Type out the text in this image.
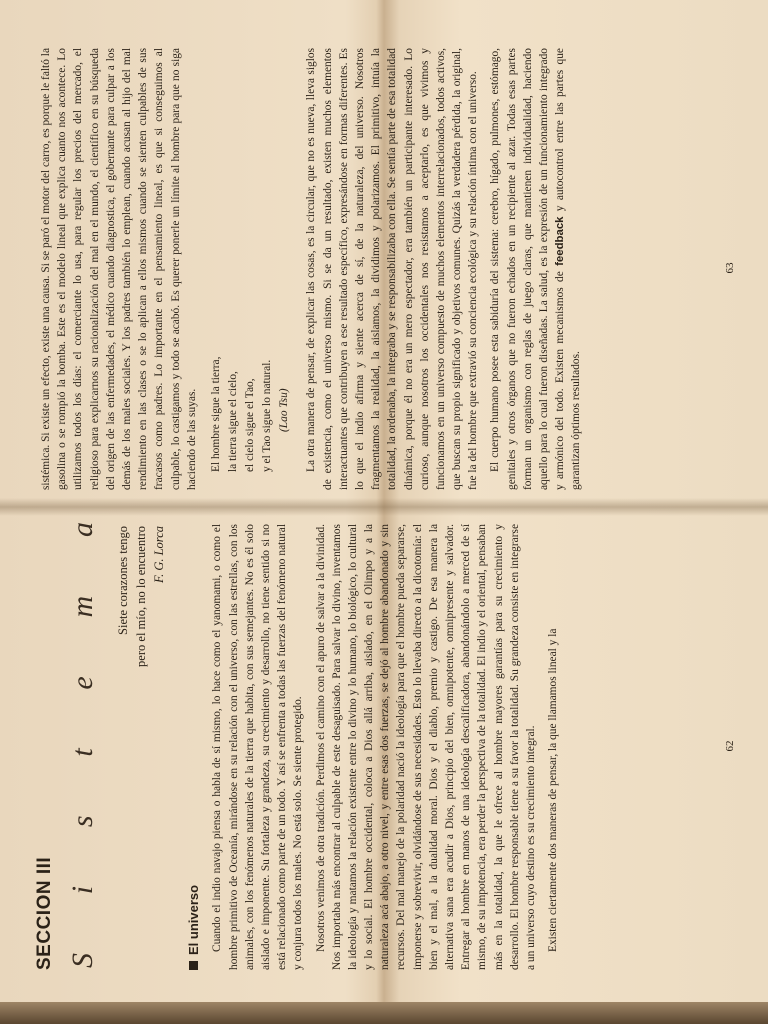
sistémica. Si existe un efecto, existe una causa. Si se paró el motor del carro, es porque le faltó la gasolina o se rompió la bomba. Este es el modelo lineal que explica cuanto nos acontece. Lo utilizamos todos los días: el comerciante lo usa, para regular los precios del mercado, el religioso para explicarnos su racionalización del mal en el mundo, el científico en su búsqueda del origen de las enfermedades, el médico cuando diagnostica, el gobernante para culpar a los demás de los males sociales. Y los padres también lo emplean, cuando acusan al hijo del mal rendimiento en las clases o se lo aplican a ellos mismos cuando se sienten culpables de sus fracasos como padres. Lo importante en el pensamiento lineal, es que si conseguimos al culpable, lo castigamos y todo se acabó. Es querer ponerle un límite al hombre para que no siga haciendo de las suyas. El hombre sigue la tierra, la tierra sigue el cielo, el cielo sigue el Tao, y el Tao sigue lo natural. (Lao Tsu) La otra manera de pensar, de explicar las cosas, es la circular, que no es nueva, lleva siglos de existencia, como el universo mismo. Si se da un resultado, existen muchos elementos interactuantes que contribuyen a ese resultado específico, expresándose en formas diferentes. Es lo que el indio afirma y siente acerca de sí, de la naturaleza, del universo. Nosotros fragmentamos la realidad, la aislamos, la dividimos y polarizamos. El primitivo, intuía la totalidad, la ordenaba, la integraba y se responsabilizaba con ella. Se sentía parte de esa totalidad dinámica, porque él no era un mero espectador, era también un participante interesado. Lo curioso, aunque nosotros los occidentales nos resistamos a aceptarlo, es que vivimos y funcionamos en un universo compuesto de muchos elementos interrelacionados, todos activos, que buscan su propio significado y objetivos comunes. Quizás la verdadera pérdida, la original, fue la del hombre que extravió su conciencia ecológica y su relación íntima con el universo. El cuerpo humano posee esta sabiduría del sistema: cerebro, hígado, pulmones, estómago, genitales y otros órganos que no fueron echados en un recipiente al azar. Todas esas partes forman un organismo con reglas de juego claras, que mantienen individualidad, haciendo aquello para lo cual fueron diseñadas. La salud, es la expresión de un funcionamiento integrado y armónico del todo. Existen mecanismos de feedback y autocontrol entre las partes que garantizan óptimos resultados.

63
SECCION III S
i
s
t
e
m
a Siete corazones tengo pero el mío, no lo encuentro F. G. Lorca
El universo Cuando el indio navajo piensa o habla de sí mismo, lo hace como el yanomami, o como el hombre primitivo de Oceanía, mirándose en su relación con el universo, con las estrellas, con los animales, con los fenómenos naturales de la tierra que habita, con sus semejantes. No es él solo aislado e imponente. Su fortaleza y grandeza, su crecimiento y desarrollo, no tiene sentido si no está relacionado como parte de un todo. Y así se enfrenta a todas las fuerzas del fenómeno natural y conjura todos los males. No está solo. Se siente protegido. Nosotros venimos de otra tradición. Perdimos el camino con el apuro de salvar a la divinidad. Nos importaba más encontrar al culpable de este desaguisado. Para salvar lo divino, inventamos la ideología y matamos la relación existente entre lo divino y lo humano, lo biológico, lo cultural y lo social. El hombre occidental, coloca a Dios allá arriba, aislado, en el Olimpo y a la naturaleza acá abajo, a otro nivel, y entre esas dos fuerzas, se dejó al hombre abandonado y sin recursos. Del mal manejo de la polaridad nació la ideología para que el hombre pueda separarse, imponerse y sobrevivir, olvidándose de sus necesidades. Esto lo llevaba directo a la dicotomía: el bien y el mal, a la dualidad moral. Dios y el diablo, premio y castigo. De esa manera la alternativa sana era acudir a Dios, principio del bien, omnipotente, omnipresente y salvador. Entregar al hombre en manos de una ideología descalificadora, abandonándolo a merced de sí mismo, de su impotencia, era perder la perspectiva de la totalidad. El indio y el oriental, pensaban más en la totalidad, la que le ofrece al hombre mayores garantías para su crecimiento y desarrollo. El hombre responsable tiene a su favor la totalidad. Su grandeza consiste en integrarse a un universo cuyo destino es su crecimiento integral. Existen ciertamente dos maneras de pensar, la que llamamos lineal y la	62
